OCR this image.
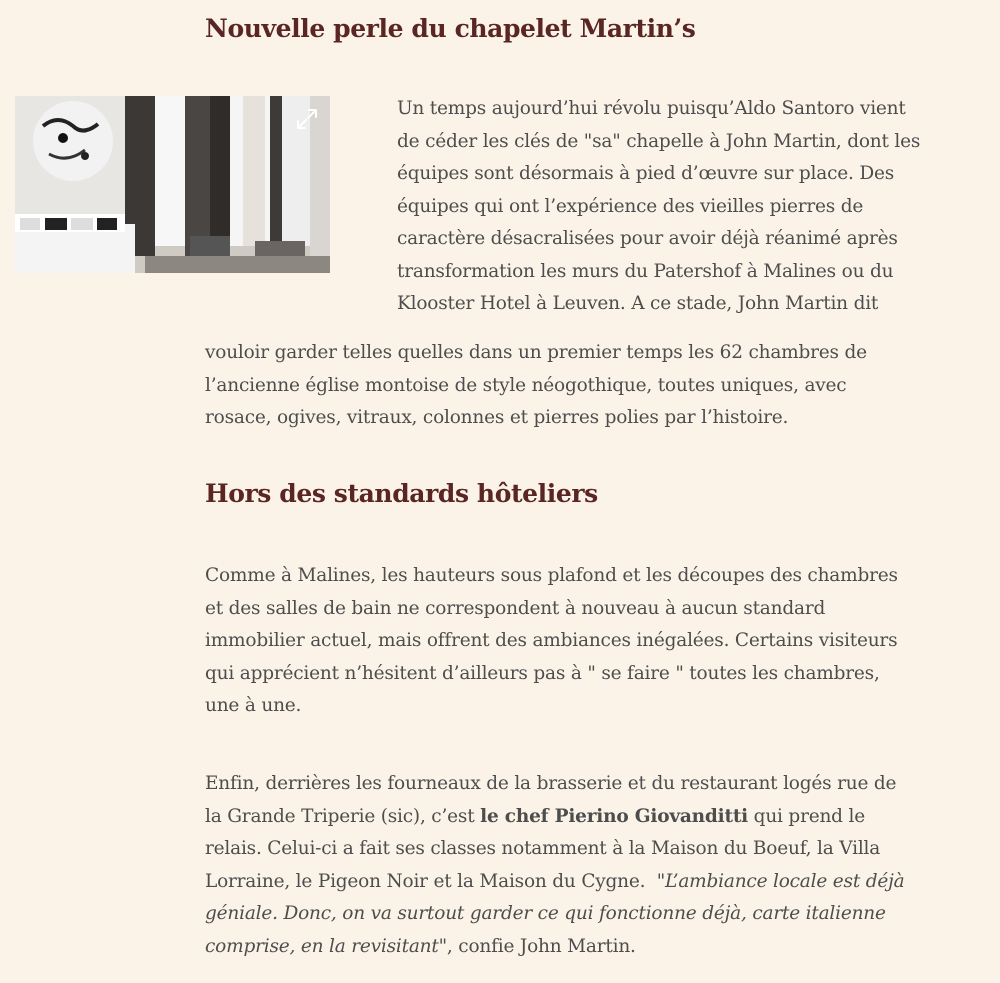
Nouvelle perle du chapelet Martin’s
Un temps aujourd’hui révolu puisqu’Aldo Santoro vient
de céder les clés de "sa" chapelle à John Martin, dont les
équipes sont désormais à pied d’œuvre sur place. Des
équipes qui ont l’expérience des vieilles pierres de
caractère désacralisées pour avoir déjà réanimé après
transformation les murs du Patershof à Malines ou du
Klooster Hotel à Leuven. A ce stade, John Martin dit
vouloir garder telles quelles dans un premier temps les 62 chambres de
l’ancienne église montoise de style néogothique, toutes uniques, avec
rosace, ogives, vitraux, colonnes et pierres polies par l’histoire.
Hors des standards hôteliers
Comme à Malines, les hauteurs sous plafond et les découpes des chambres
et des salles de bain ne correspondent à nouveau à aucun standard
immobilier actuel, mais offrent des ambiances inégalées. Certains visiteurs
qui apprécient n’hésitent d’ailleurs pas à " se faire " toutes les chambres,
une à une.
Enfin, derrières les fourneaux de la brasserie et du restaurant logés rue de
la Grande Triperie (sic), c’est le chef Pierino Giovanditti qui prend le
relais. Celui-ci a fait ses classes notamment à la Maison du Boeuf, la Villa
Lorraine, le Pigeon Noir et la Maison du Cygne.  "L’ambiance locale est déjà
géniale. Donc, on va surtout garder ce qui fonctionne déjà, carte italienne
comprise, en la revisitant", confie John Martin.
